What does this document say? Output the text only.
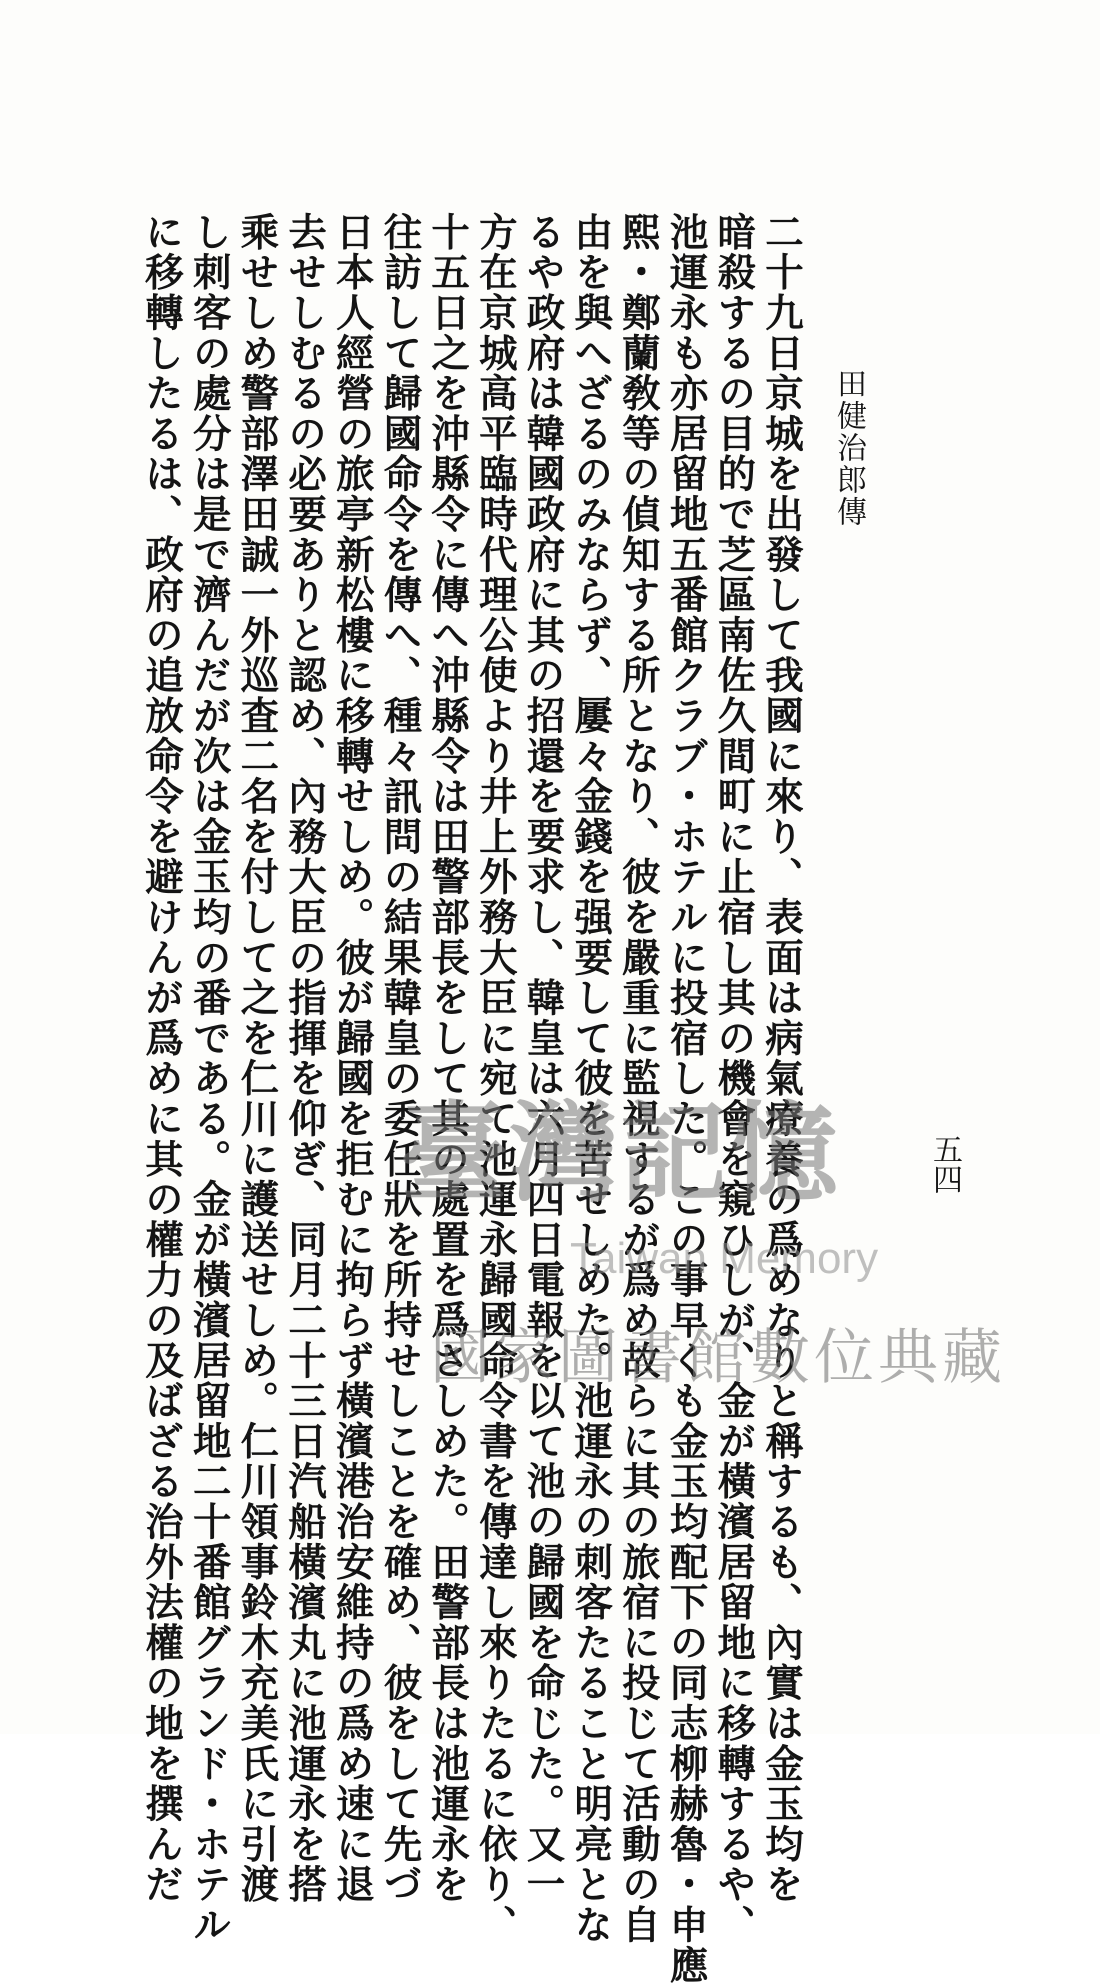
田健治郎傳
五四
二十九日京城を出發して我國に來り、表面は病氣療養の爲めなりと稱するも、內實は金玉均を
暗殺するの目的で芝區南佐久間町に止宿し其の機會を窺ひしが、金が橫濱居留地に移轉するや、
池運永も亦居留地五番館クラブ・ホテルに投宿した。この事早くも金玉均配下の同志柳赫魯・申應
熙・鄭蘭敎等の偵知する所となり、彼を嚴重に監視するが爲め故らに其の旅宿に投じて活動の自
由を與へざるのみならず、屢々金錢を强要して彼を苦せしめた。池運永の刺客たること明亮とな
るや政府は韓國政府に其の招還を要求し、韓皇は六月四日電報を以て池の歸國を命じた。又一
方在京城高平臨時代理公使より井上外務大臣に宛て池運永歸國命令書を傳達し來りたるに依り、
十五日之を沖縣令に傳へ沖縣令は田警部長をして其の處置を爲さしめた。田警部長は池運永を
往訪して歸國命令を傳へ、種々訊問の結果韓皇の委任狀を所持せしことを確め、彼をして先づ
日本人經營の旅亭新松樓に移轉せしめ。彼が歸國を拒むに拘らず橫濱港治安維持の爲め速に退
去せしむるの必要ありと認め、內務大臣の指揮を仰ぎ、同月二十三日汽船橫濱丸に池運永を搭
乘せしめ警部澤田誠一外巡査二名を付して之を仁川に護送せしめ。仁川領事鈴木充美氏に引渡
し刺客の處分は是で濟んだが次は金玉均の番である。金が橫濱居留地二十番館グランド・ホテル
に移轉したるは、政府の追放命令を避けんが爲めに其の權力の及ばざる治外法權の地を撰んだ 臺灣記憶
Taiwan Memory
國家圖書館數位典藏
